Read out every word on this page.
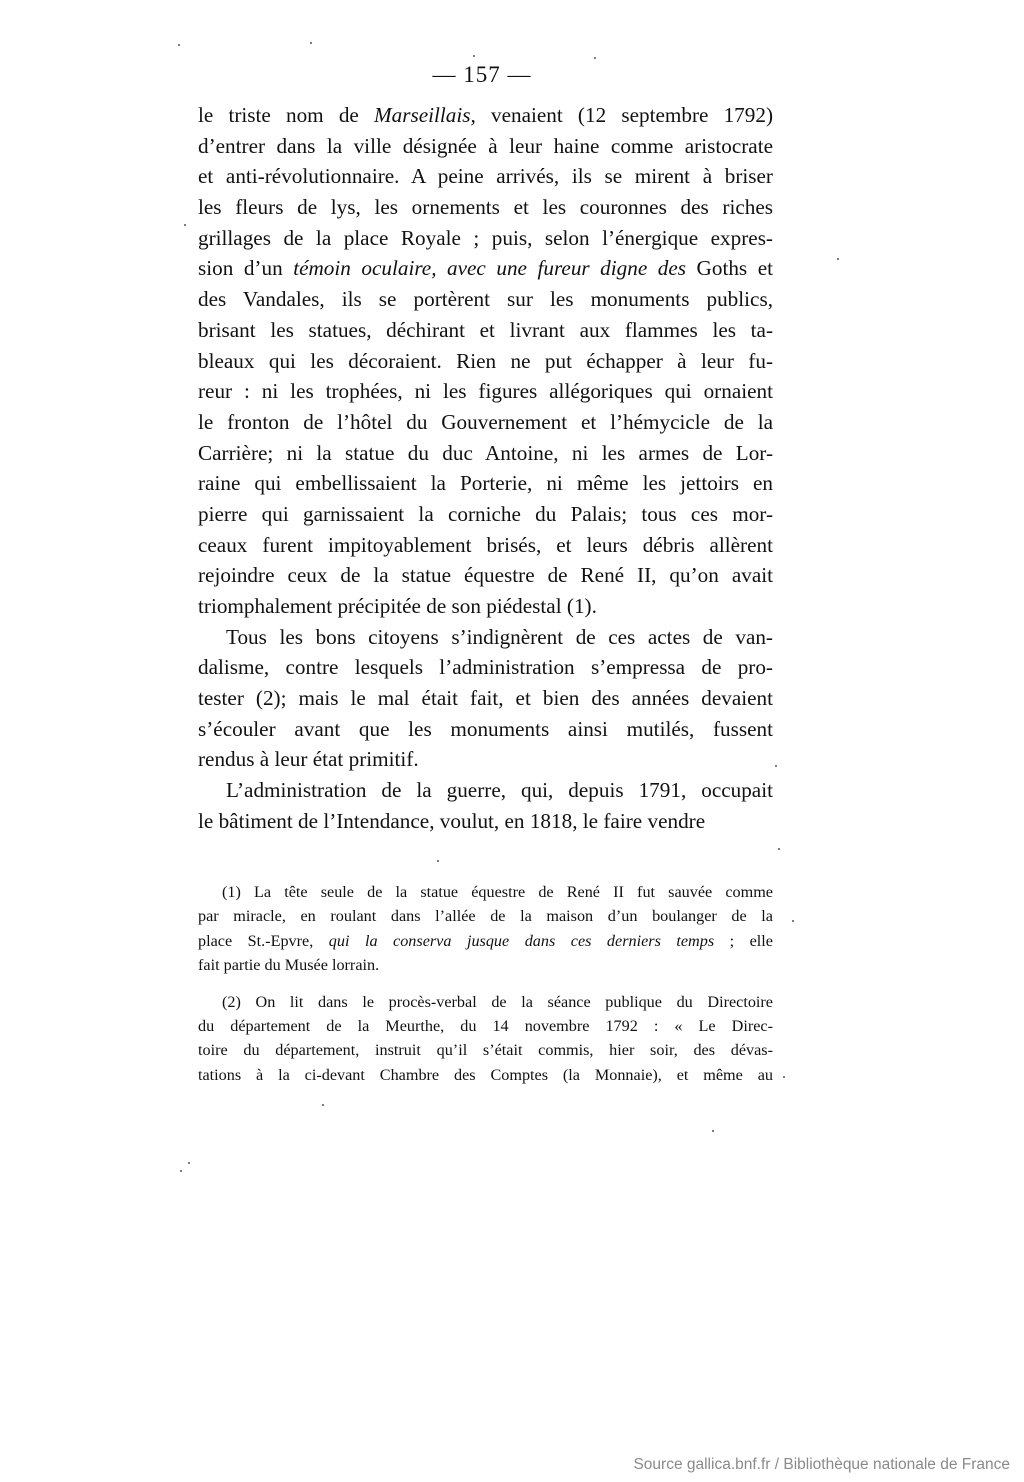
— 157 —
le triste nom de Marseillais, venaient (12 septembre 1792)
d’entrer dans la ville désignée à leur haine comme aristocrate
et anti-révolutionnaire. A peine arrivés, ils se mirent à briser
les fleurs de lys, les ornements et les couronnes des riches
grillages de la place Royale ; puis, selon l’énergique expres-
sion d’un témoin oculaire, avec une fureur digne des Goths et
des Vandales, ils se portèrent sur les monuments publics,
brisant les statues, déchirant et livrant aux flammes les ta-
bleaux qui les décoraient. Rien ne put échapper à leur fu-
reur : ni les trophées, ni les figures allégoriques qui ornaient
le fronton de l’hôtel du Gouvernement et l’hémycicle de la
Carrière; ni la statue du duc Antoine, ni les armes de Lor-
raine qui embellissaient la Porterie, ni même les jettoirs en
pierre qui garnissaient la corniche du Palais; tous ces mor-
ceaux furent impitoyablement brisés, et leurs débris allèrent
rejoindre ceux de la statue équestre de René II, qu’on avait
triomphalement précipitée de son piédestal (1).
Tous les bons citoyens s’indignèrent de ces actes de van-
dalisme, contre lesquels l’administration s’empressa de pro-
tester (2); mais le mal était fait, et bien des années devaient
s’écouler avant que les monuments ainsi mutilés, fussent
rendus à leur état primitif.
L’administration de la guerre, qui, depuis 1791, occupait
le bâtiment de l’Intendance, voulut, en 1818, le faire vendre
(1) La tête seule de la statue équestre de René II fut sauvée comme
par miracle, en roulant dans l’allée de la maison d’un boulanger de la
place St.-Epvre, qui la conserva jusque dans ces derniers temps ; elle
fait partie du Musée lorrain.
(2) On lit dans le procès-verbal de la séance publique du Directoire
du département de la Meurthe, du 14 novembre 1792 : « Le Direc-
toire du département, instruit qu’il s’était commis, hier soir, des dévas-
tations à la ci-devant Chambre des Comptes (la Monnaie), et même au
Source gallica.bnf.fr / Bibliothèque nationale de France
